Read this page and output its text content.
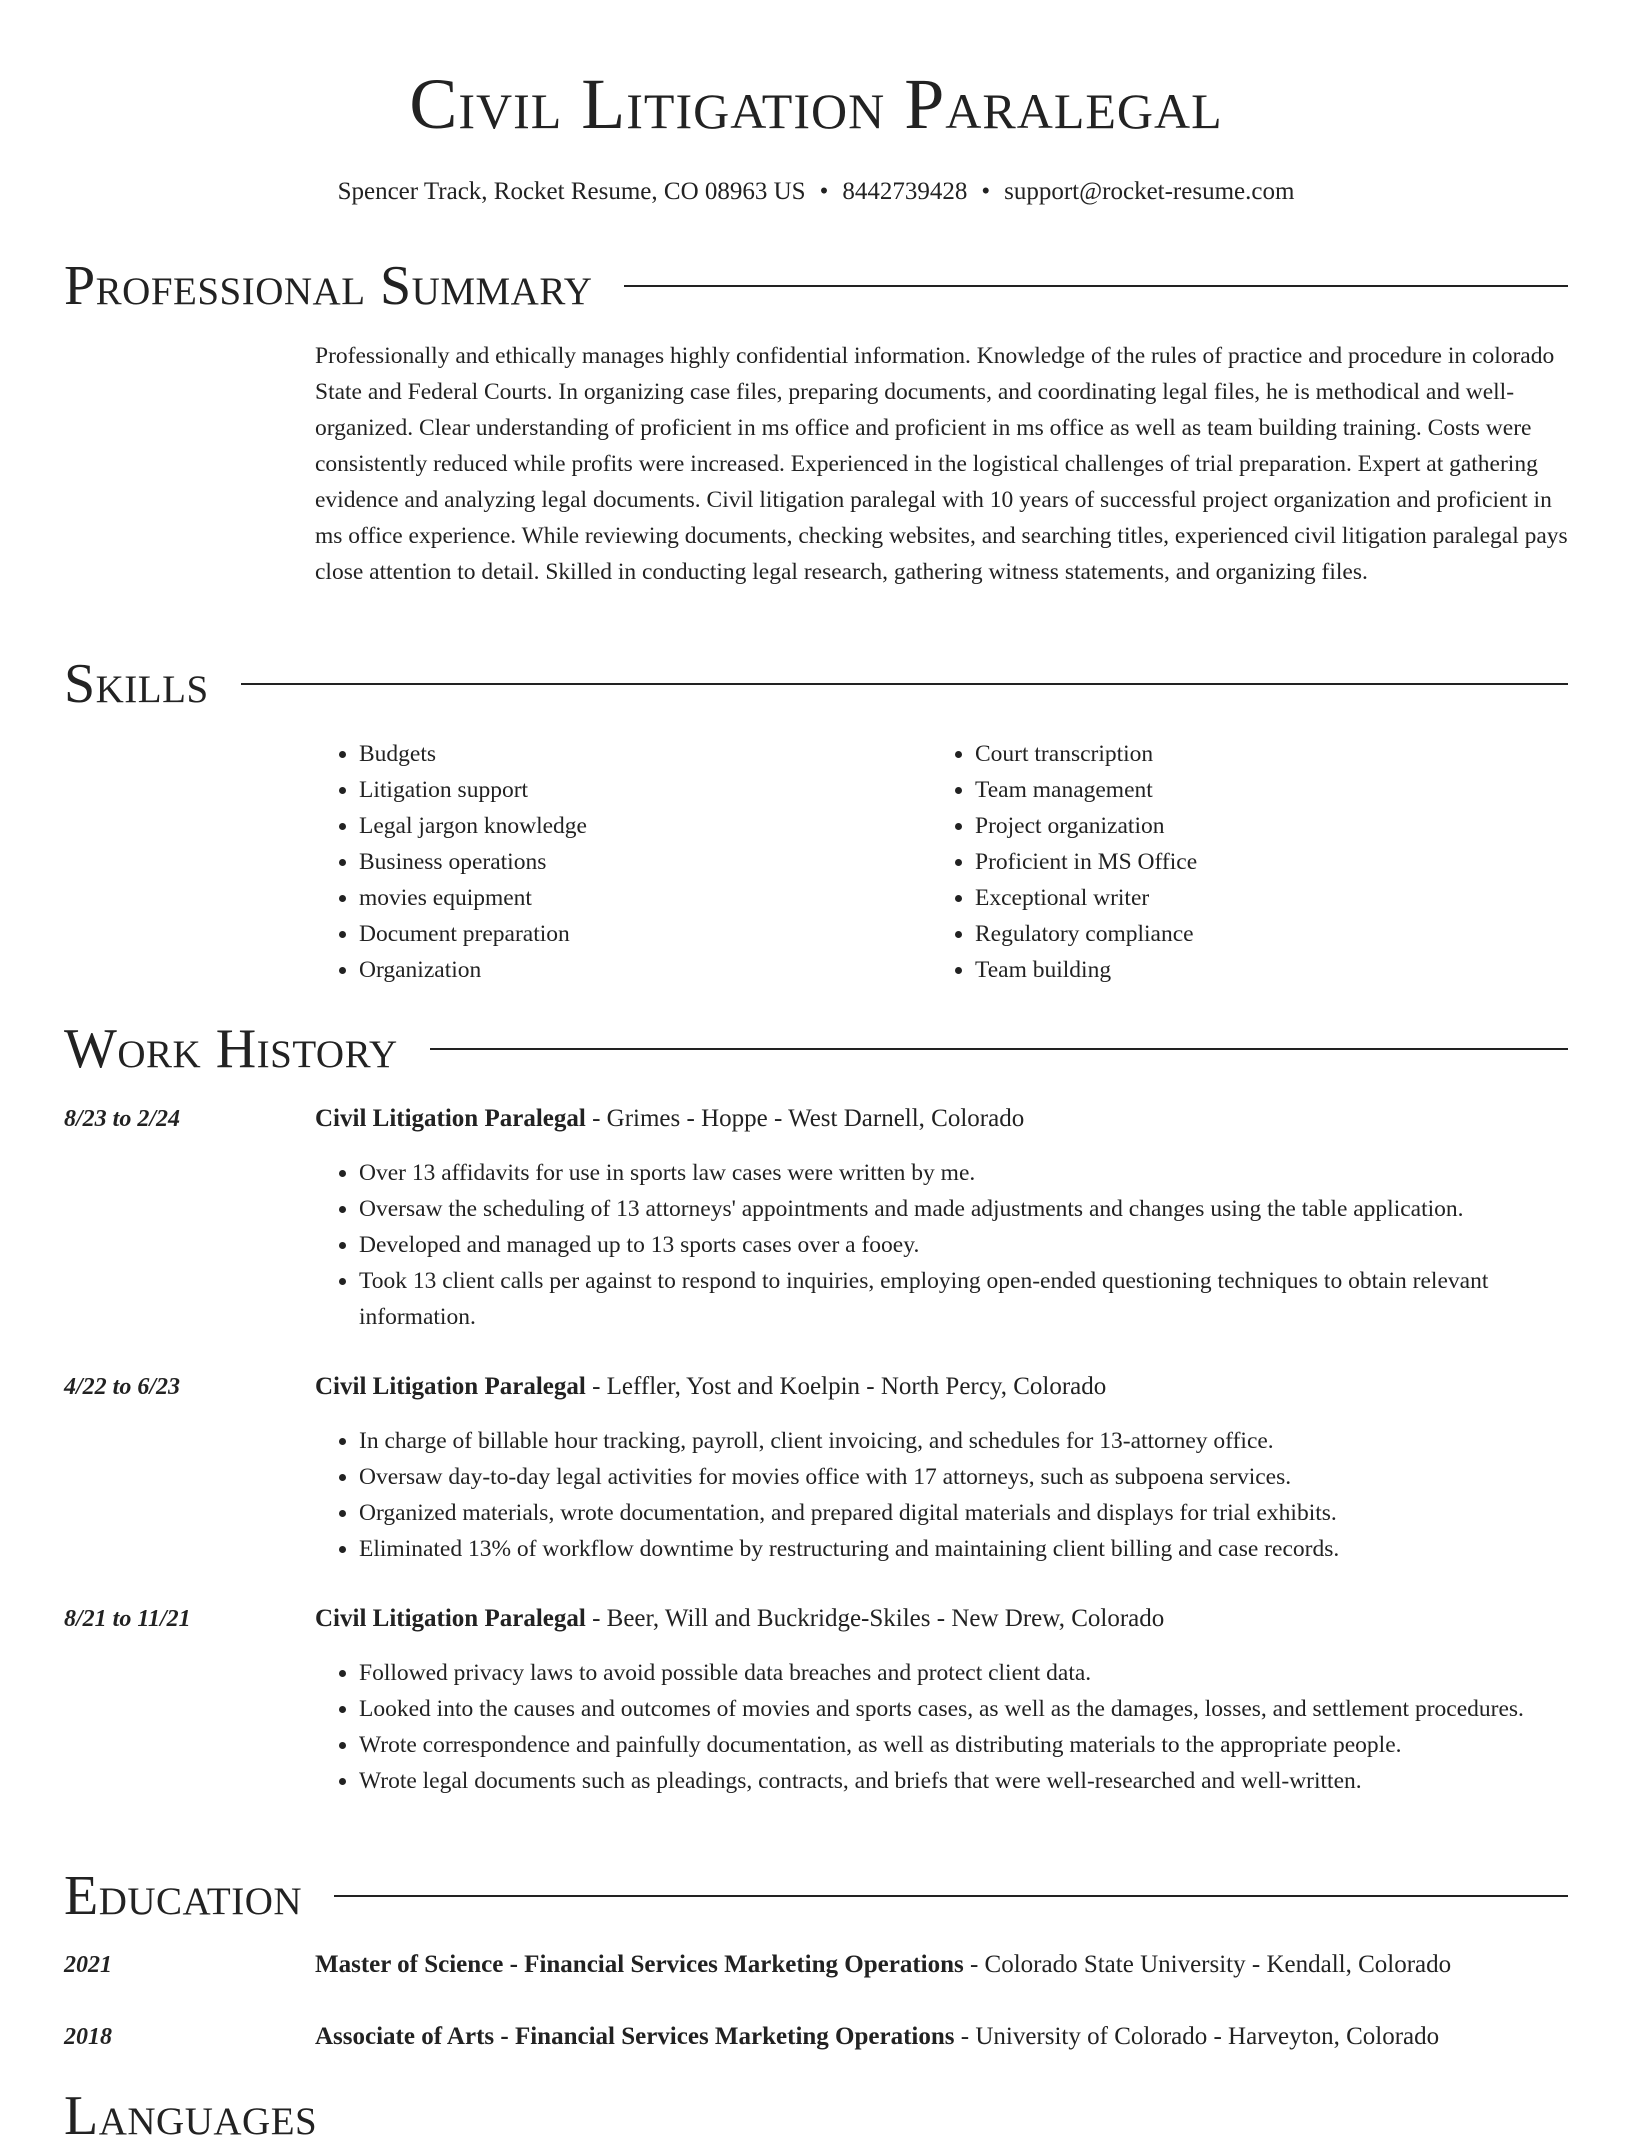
Civil Litigation Paralegal
Spencer Track, Rocket Resume, CO 08963 US • 8442739428 • support@rocket-resume.com
Professional Summary

Professionally and ethically manages highly confidential information. Knowledge of the rules of practice and procedure in colorado State and Federal Courts. In organizing case files, preparing documents, and coordinating legal files, he is methodical and well-organized. Clear understanding of proficient in ms office and proficient in ms office as well as team building training. Costs were consistently reduced while profits were increased. Experienced in the logistical challenges of trial preparation. Expert at gathering evidence and analyzing legal documents. Civil litigation paralegal with 10 years of successful project organization and proficient in ms office experience. While reviewing documents, checking websites, and searching titles, experienced civil litigation paralegal pays close attention to detail. Skilled in conducting legal research, gathering witness statements, and organizing files.

Skills
• Budgets
• Litigation support
• Legal jargon knowledge
• Business operations
• movies equipment
• Document preparation
• Organization
• Court transcription
• Team management
• Project organization
• Proficient in MS Office
• Exceptional writer
• Regulatory compliance
• Team building
Work History
8/23 to 2/24	Civil Litigation Paralegal - Grimes - Hoppe - West Darnell, Colorado
• Over 13 affidavits for use in sports law cases were written by me.
• Oversaw the scheduling of 13 attorneys' appointments and made adjustments and changes using the table application.
• Developed and managed up to 13 sports cases over a fooey.
• Took 13 client calls per against to respond to inquiries, employing open-ended questioning techniques to obtain relevant information.
4/22 to 6/23	Civil Litigation Paralegal - Leffler, Yost and Koelpin - North Percy, Colorado
• In charge of billable hour tracking, payroll, client invoicing, and schedules for 13-attorney office.
• Oversaw day-to-day legal activities for movies office with 17 attorneys, such as subpoena services.
• Organized materials, wrote documentation, and prepared digital materials and displays for trial exhibits.
• Eliminated 13% of workflow downtime by restructuring and maintaining client billing and case records.
8/21 to 11/21	Civil Litigation Paralegal - Beer, Will and Buckridge-Skiles - New Drew, Colorado
• Followed privacy laws to avoid possible data breaches and protect client data.
• Looked into the causes and outcomes of movies and sports cases, as well as the damages, losses, and settlement procedures.
• Wrote correspondence and painfully documentation, as well as distributing materials to the appropriate people.
• Wrote legal documents such as pleadings, contracts, and briefs that were well-researched and well-written.
Education
2021	Master of Science - Financial Services Marketing Operations - Colorado State University - Kendall, Colorado
2018	Associate of Arts - Financial Services Marketing Operations - University of Colorado - Harveyton, Colorado
Languages
